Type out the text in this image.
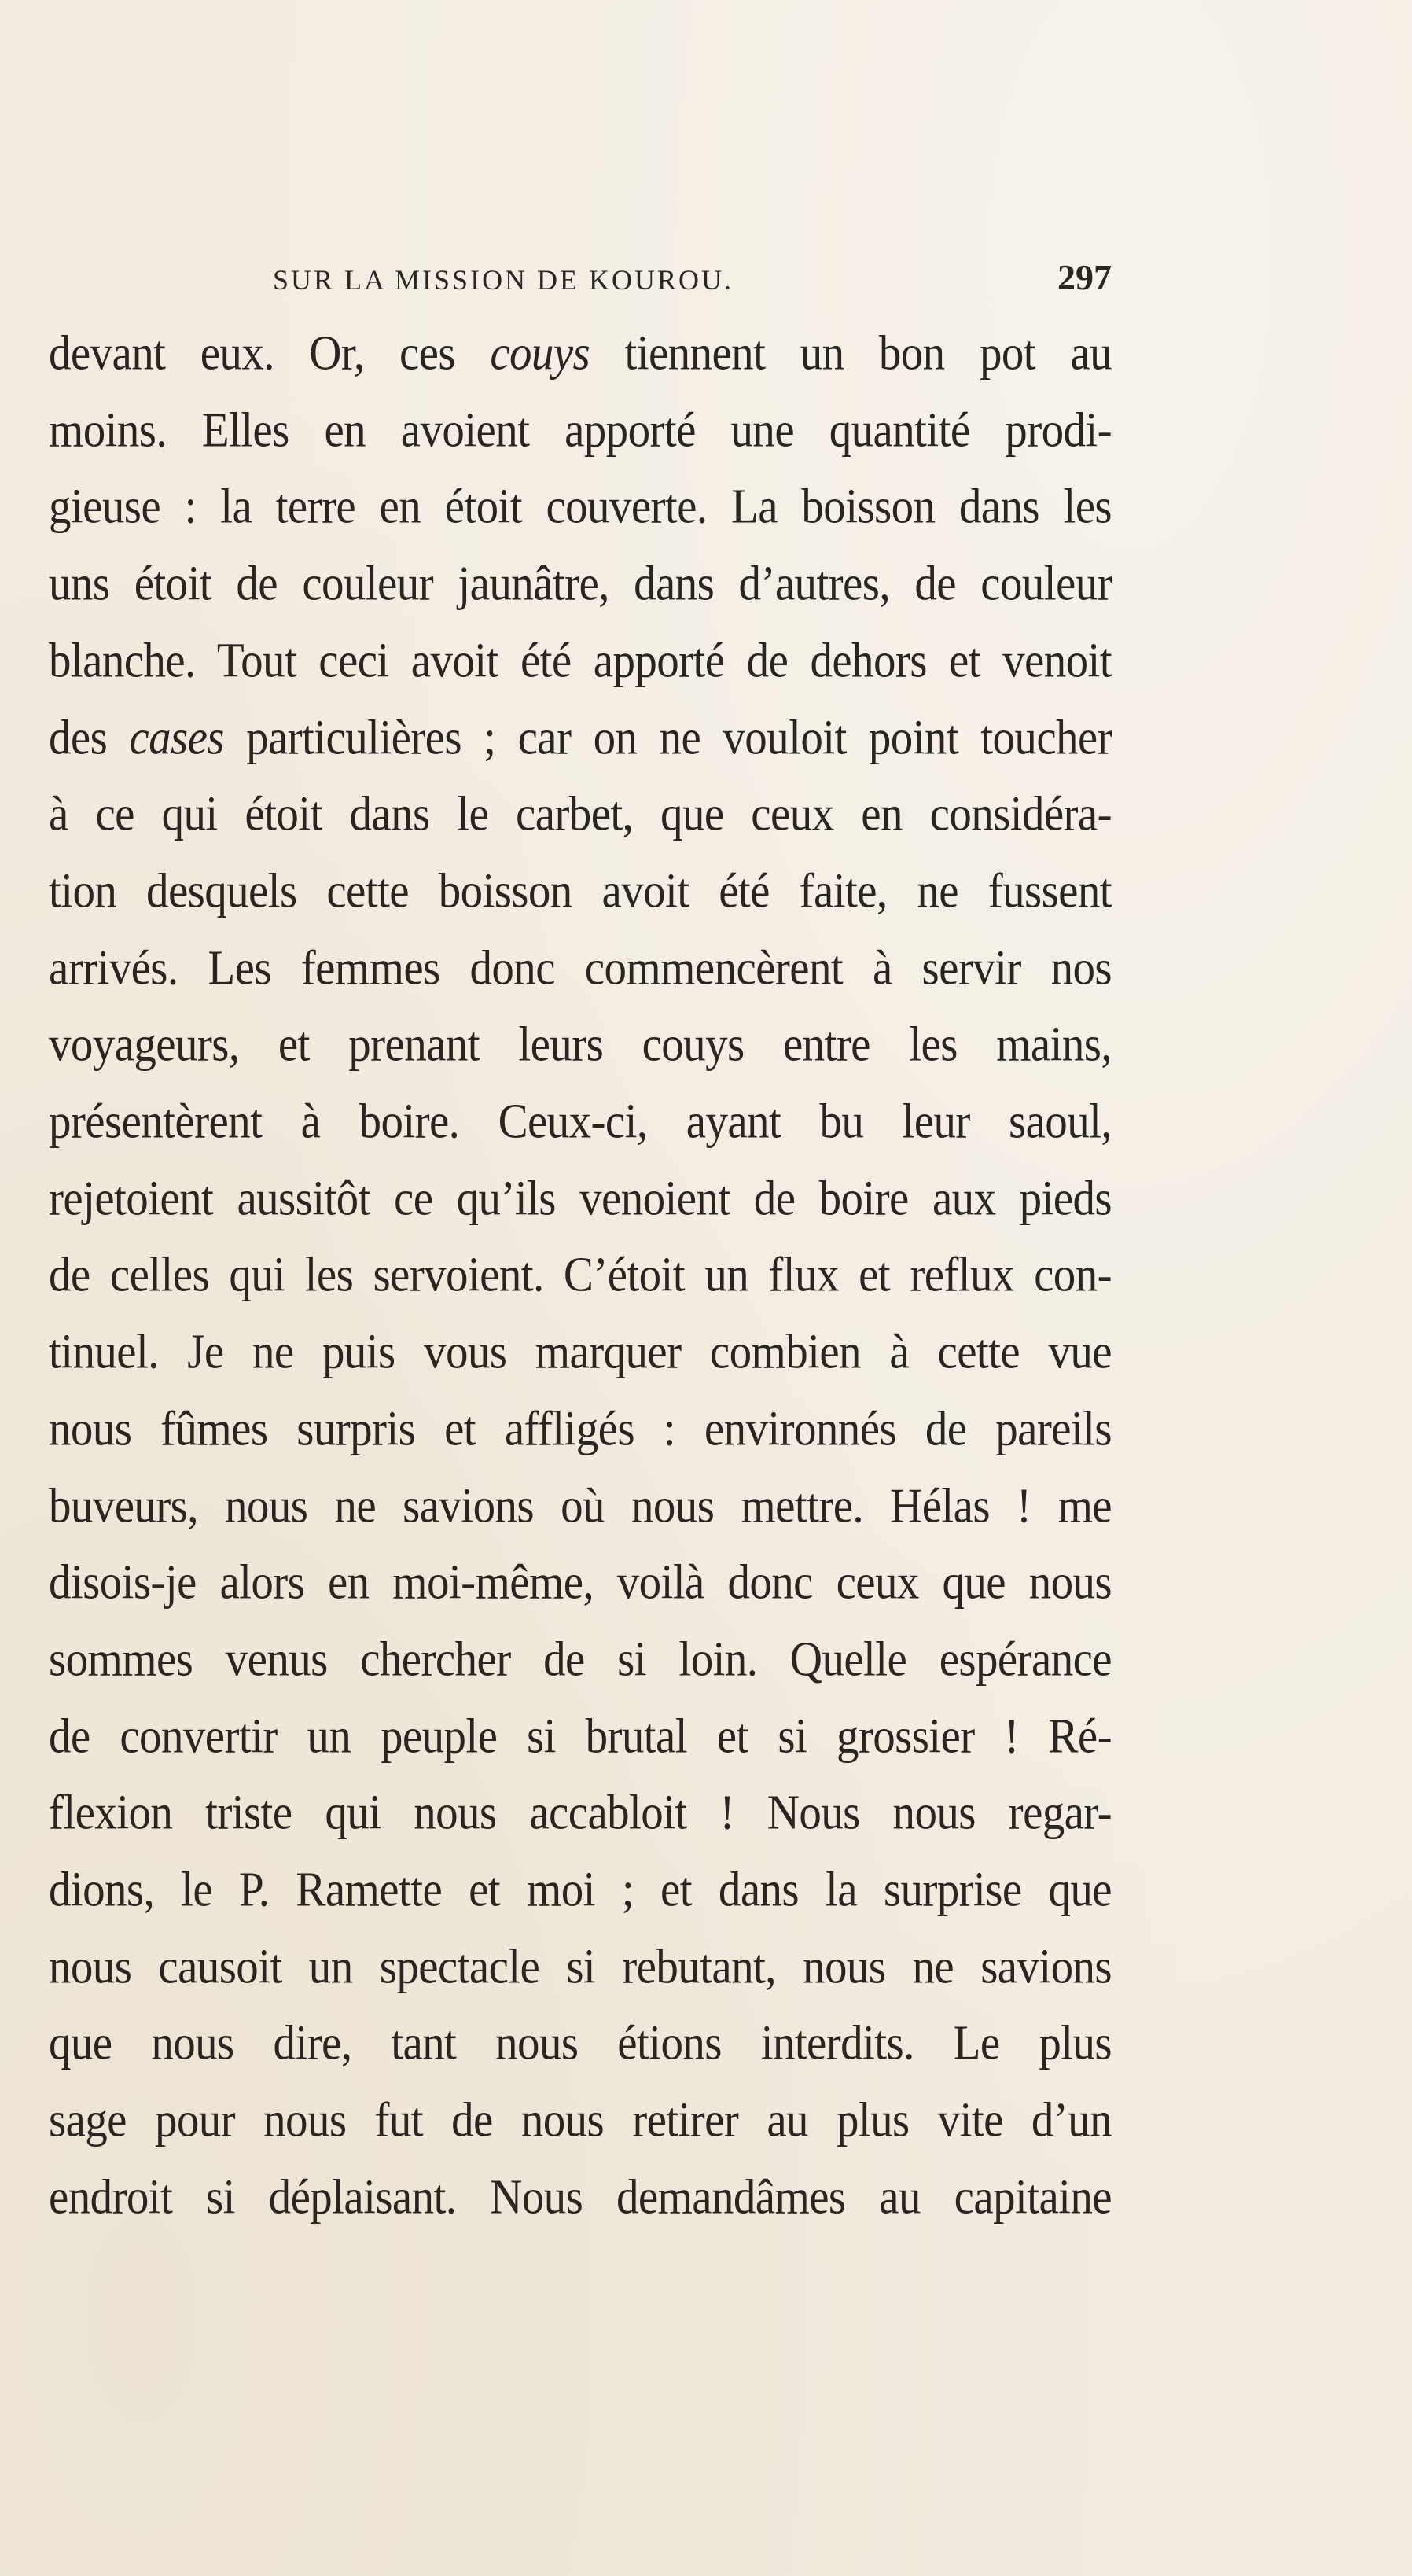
SUR LA MISSION DE KOUROU.	297
devant eux. Or, ces couys tiennent un bon pot au
moins. Elles en avoient apporté une quantité prodi-
gieuse : la terre en étoit couverte. La boisson dans les
uns étoit de couleur jaunâtre, dans d’autres, de couleur
blanche. Tout ceci avoit été apporté de dehors et venoit
des cases particulières ; car on ne vouloit point toucher
à ce qui étoit dans le carbet, que ceux en considéra-
tion desquels cette boisson avoit été faite, ne fussent
arrivés. Les femmes donc commencèrent à servir nos
voyageurs, et prenant leurs couys entre les mains,
présentèrent à boire. Ceux-ci, ayant bu leur saoul,
rejetoient aussitôt ce qu’ils venoient de boire aux pieds
de celles qui les servoient. C’étoit un flux et reflux con-
tinuel. Je ne puis vous marquer combien à cette vue
nous fûmes surpris et affligés : environnés de pareils
buveurs, nous ne savions où nous mettre. Hélas ! me
disois-je alors en moi-même, voilà donc ceux que nous
sommes venus chercher de si loin. Quelle espérance
de convertir un peuple si brutal et si grossier ! Ré-
flexion triste qui nous accabloit ! Nous nous regar-
dions, le P. Ramette et moi ; et dans la surprise que
nous causoit un spectacle si rebutant, nous ne savions
que nous dire, tant nous étions interdits. Le plus
sage pour nous fut de nous retirer au plus vite d’un
endroit si déplaisant. Nous demandâmes au capitaine
